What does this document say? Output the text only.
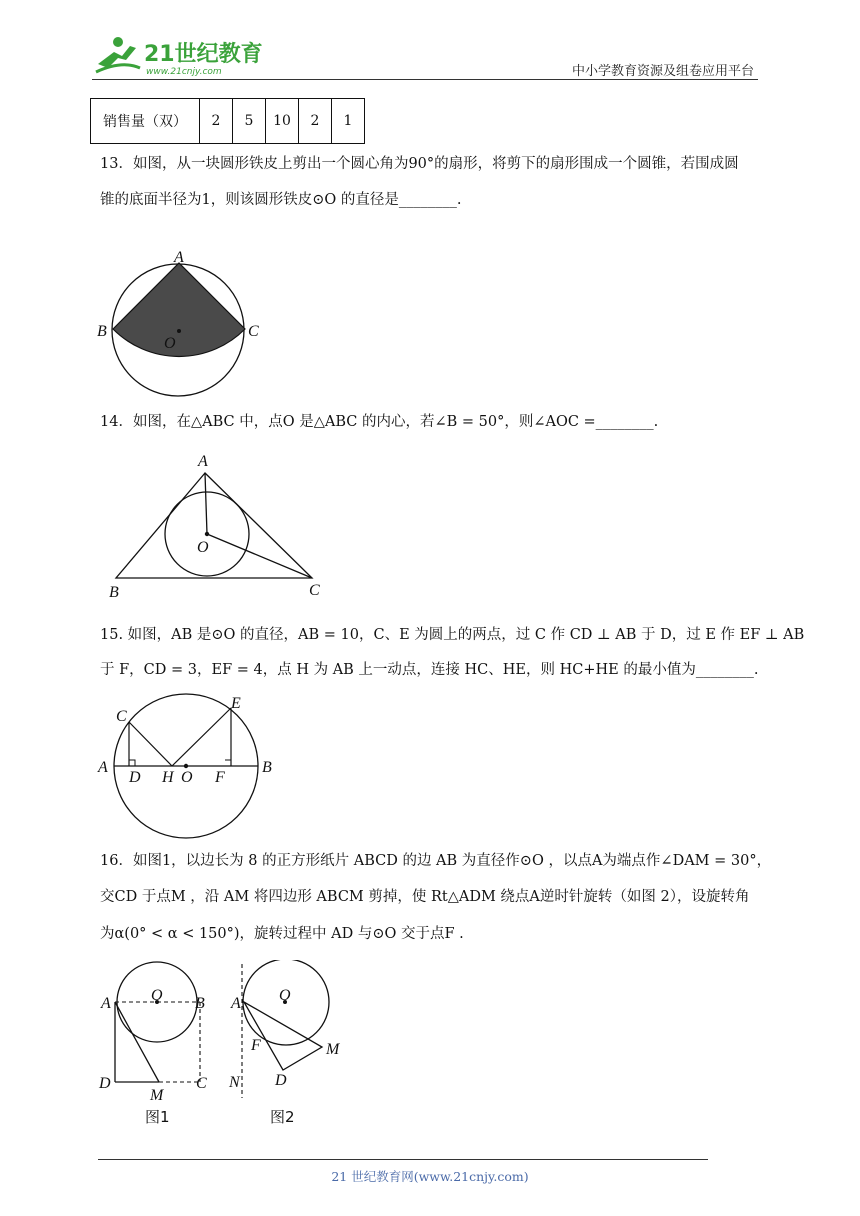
21世纪教育
www.21cnjy.com	中小学教育资源及组卷应用平台
销售量（双）	2	5	10	2	1
13．如图，从一块圆形铁皮上剪出一个圆心角为90°的扇形，将剪下的扇形围成一个圆锥，若围成圆
锥的底面半径为1，则该圆形铁皮⊙O 的直径是________.
A
B	C
O
14．如图，在△ABC 中，点O 是△ABC 的内心，若∠B = 50°，则∠AOC =________.
A
B	C
O
15. 如图，AB 是⊙O 的直径，AB = 10，C、E 为圆上的两点，过 C 作 CD ⊥ AB 于 D，过 E 作 EF ⊥ AB
于 F，CD = 3，EF = 4，点 H 为 AB 上一动点，连接 HC、HE，则 HC+HE 的最小值为________.
C
E
A	B
D H O F
16．如图1，以边长为 8 的正方形纸片 ABCD 的边 AB 为直径作⊙O ，以点A为端点作∠DAM = 30°，
交CD 于点M ，沿 AM 将四边形 ABCM 剪掉，使 Rt△ADM 绕点A逆时针旋转（如图 2），设旋转角
为α(0° < α < 150°)，旋转过程中 AD 与⊙O 交于点F .
A	O B
D	C
M
图1
A O
F	M
D
N
图2
21 世纪教育网(www.21cnjy.com)
